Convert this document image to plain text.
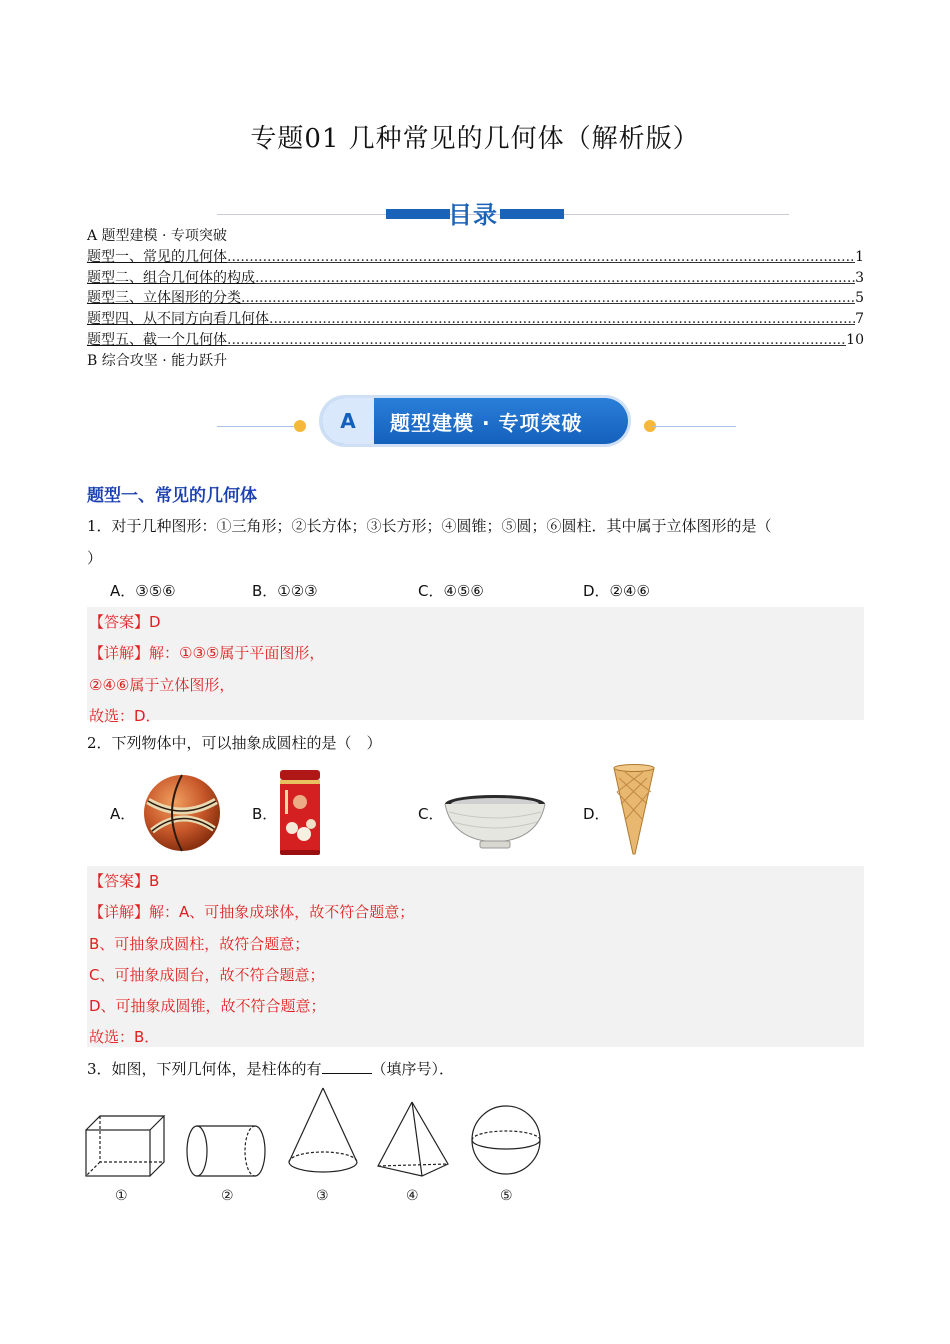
专题01 几种常见的几何体（解析版）
目录
A 题型建模 · 专项突破
题型一、常见的几何体 .....	1
题型二、组合几何体的构成 .....	3
题型三、立体图形的分类 .....	5
题型四、从不同方向看几何体 .....	7
题型五、截一个几何体 .....	10
B 综合攻坚 · 能力跃升
A	题型建模 · 专项突破
题型一、常见的几何体
1．对于几种图形：①三角形；②长方体；③长方形；④圆锥；⑤圆；⑥圆柱．其中属于立体图形的是（
）
A．③⑤⑥	B．①②③	C．④⑤⑥	D．②④⑥
【答案】D
【详解】解：①③⑤属于平面图形，
②④⑥属于立体图形，
故选：D．
2．下列物体中，可以抽象成圆柱的是（　）
A．	B．	C．	D．
【答案】B
【详解】解：A、可抽象成球体，故不符合题意；
B、可抽象成圆柱，故符合题意；
C、可抽象成圆台，故不符合题意；
D、可抽象成圆锥，故不符合题意；
故选：B．
3．如图，下列几何体，是柱体的有	（填序号）．
①	②	③	④	⑤
